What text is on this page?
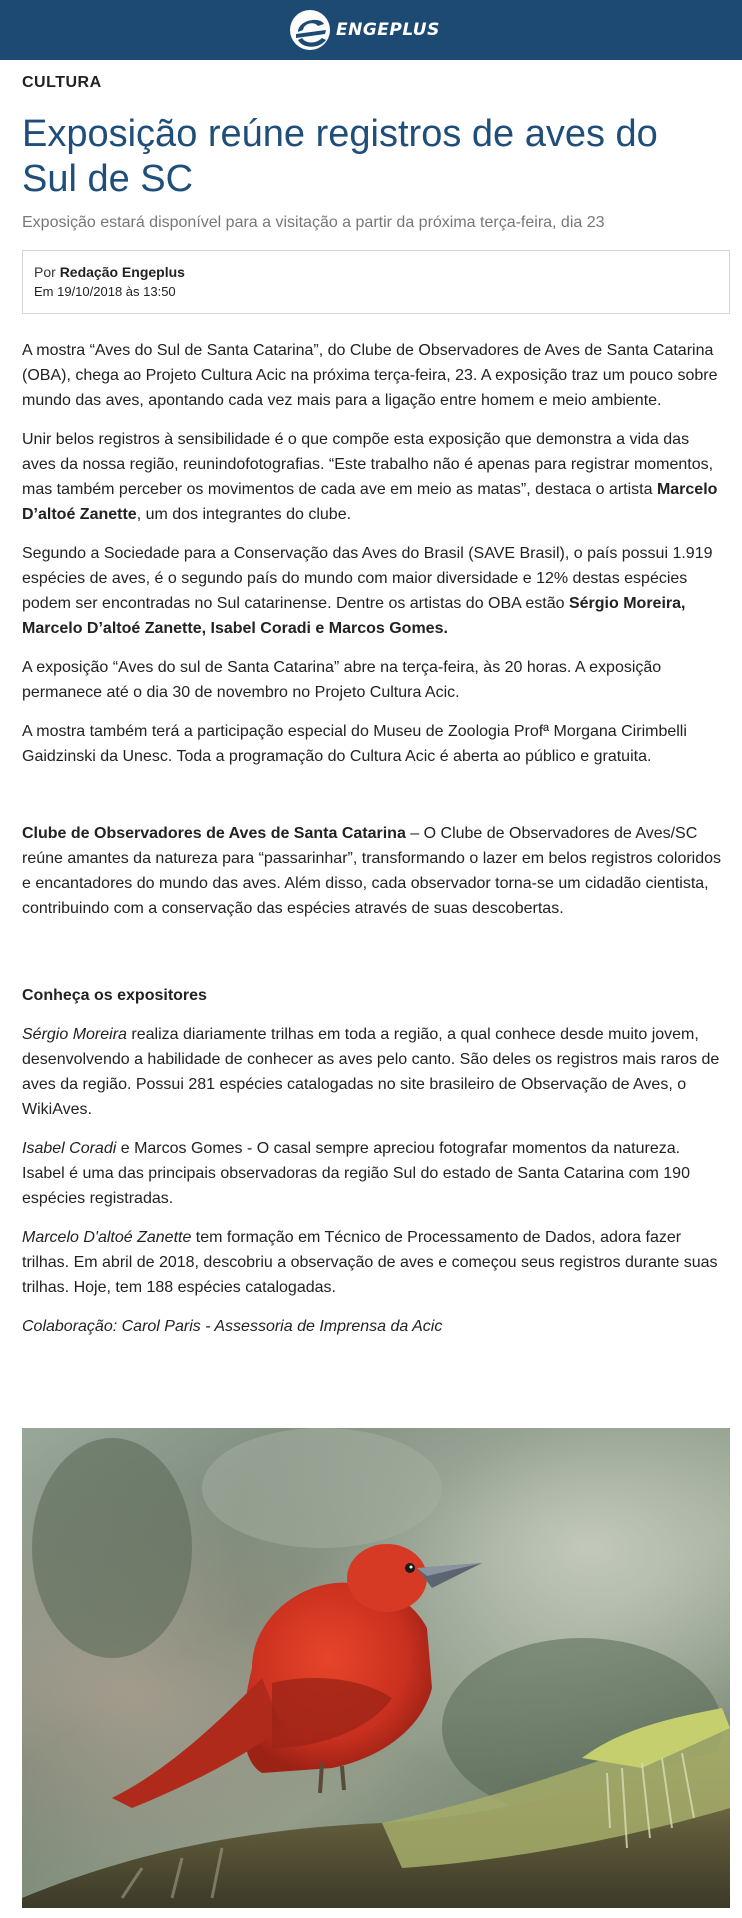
ENGEPLUS
CULTURA
Exposição reúne registros de aves do Sul de SC
Exposição estará disponível para a visitação a partir da próxima terça-feira, dia 23
Por Redação Engeplus
Em 19/10/2018 às 13:50

A mostra “Aves do Sul de Santa Catarina”, do Clube de Observadores de Aves de Santa Catarina (OBA), chega ao Projeto Cultura Acic na próxima terça-feira, 23. A exposição traz um pouco sobre mundo das aves, apontando cada vez mais para a ligação entre homem e meio ambiente.

Unir belos registros à sensibilidade é o que compõe esta exposição que demonstra a vida das aves da nossa região, reunindofotografias. “Este trabalho não é apenas para registrar momentos, mas também perceber os movimentos de cada ave em meio as matas”, destaca o artista Marcelo D’altoé Zanette, um dos integrantes do clube.

Segundo a Sociedade para a Conservação das Aves do Brasil (SAVE Brasil), o país possui 1.919 espécies de aves, é o segundo país do mundo com maior diversidade e 12% destas espécies podem ser encontradas no Sul catarinense. Dentre os artistas do OBA estão Sérgio Moreira, Marcelo D’altoé Zanette, Isabel Coradi e Marcos Gomes.

A exposição “Aves do sul de Santa Catarina” abre na terça-feira, às 20 horas. A exposição permanece até o dia 30 de novembro no Projeto Cultura Acic.

A mostra também terá a participação especial do Museu de Zoologia Profª Morgana Cirimbelli Gaidzinski da Unesc. Toda a programação do Cultura Acic é aberta ao público e gratuita.

Clube de Observadores de Aves de Santa Catarina – O Clube de Observadores de Aves/SC reúne amantes da natureza para “passarinhar”, transformando o lazer em belos registros coloridos e encantadores do mundo das aves. Além disso, cada observador torna-se um cidadão cientista, contribuindo com a conservação das espécies através de suas descobertas.

Conheça os expositores

Sérgio Moreira realiza diariamente trilhas em toda a região, a qual conhece desde muito jovem, desenvolvendo a habilidade de conhecer as aves pelo canto. São deles os registros mais raros de aves da região. Possui 281 espécies catalogadas no site brasileiro de Observação de Aves, o WikiAves.

Isabel Coradi e Marcos Gomes - O casal sempre apreciou fotografar momentos da natureza. Isabel é uma das principais observadoras da região Sul do estado de Santa Catarina com 190 espécies registradas.

Marcelo D'altoé Zanette tem formação em Técnico de Processamento de Dados, adora fazer trilhas. Em abril de 2018, descobriu a observação de aves e começou seus registros durante suas trilhas. Hoje, tem 188 espécies catalogadas.

Colaboração: Carol Paris - Assessoria de Imprensa da Acic
